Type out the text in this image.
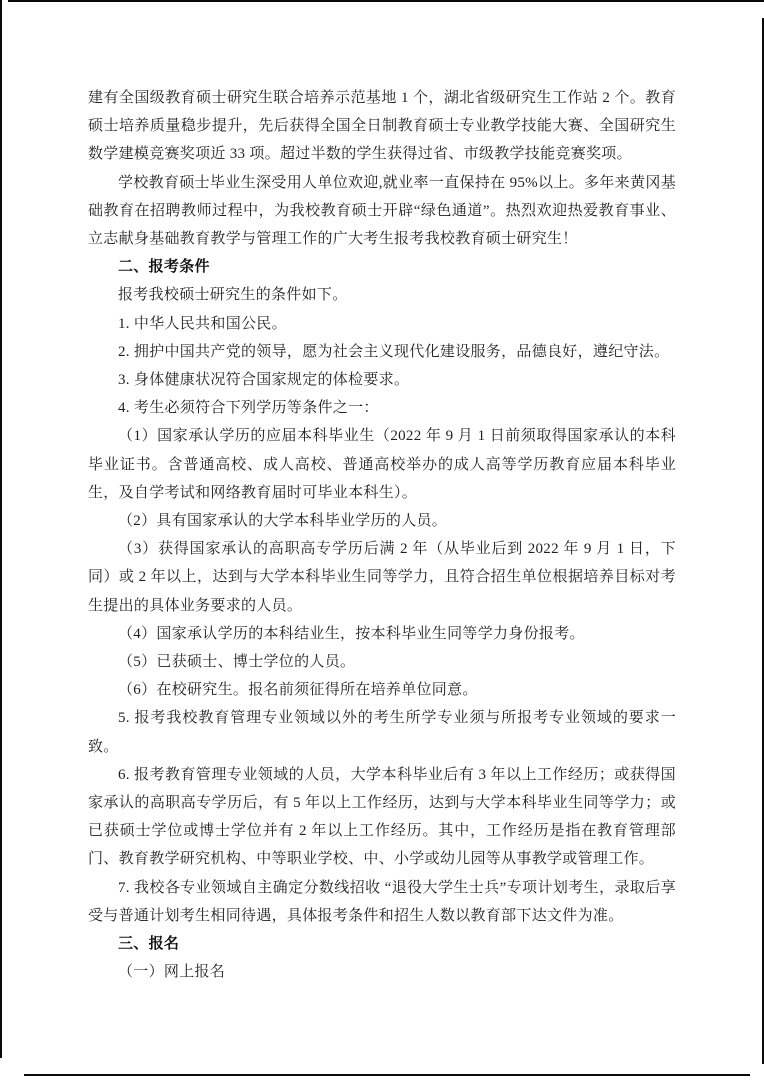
建有全国级教育硕士研究生联合培养示范基地 1 个，湖北省级研究生工作站 2 个。教育硕士培养质量稳步提升，先后获得全国全日制教育硕士专业教学技能大赛、全国研究生数学建模竞赛奖项近 33 项。超过半数的学生获得过省、市级教学技能竞赛奖项。

学校教育硕士毕业生深受用人单位欢迎,就业率一直保持在 95%以上。多年来黄冈基础教育在招聘教师过程中，为我校教育硕士开辟“绿色通道”。热烈欢迎热爱教育事业、立志献身基础教育教学与管理工作的广大考生报考我校教育硕士研究生！

二、报考条件

报考我校硕士研究生的条件如下。

1. 中华人民共和国公民。

2. 拥护中国共产党的领导，愿为社会主义现代化建设服务，品德良好，遵纪守法。

3. 身体健康状况符合国家规定的体检要求。

4. 考生必须符合下列学历等条件之一：

（1）国家承认学历的应届本科毕业生（2022 年 9 月 1 日前须取得国家承认的本科毕业证书。含普通高校、成人高校、普通高校举办的成人高等学历教育应届本科毕业生，及自学考试和网络教育届时可毕业本科生）。

（2）具有国家承认的大学本科毕业学历的人员。

（3）获得国家承认的高职高专学历后满 2 年（从毕业后到 2022 年 9 月 1 日，下同）或 2 年以上，达到与大学本科毕业生同等学力，且符合招生单位根据培养目标对考生提出的具体业务要求的人员。

（4）国家承认学历的本科结业生，按本科毕业生同等学力身份报考。

（5）已获硕士、博士学位的人员。

（6）在校研究生。报名前须征得所在培养单位同意。

5. 报考我校教育管理专业领域以外的考生所学专业须与所报考专业领域的要求一致。

6. 报考教育管理专业领域的人员，大学本科毕业后有 3 年以上工作经历；或获得国家承认的高职高专学历后，有 5 年以上工作经历，达到与大学本科毕业生同等学力；或已获硕士学位或博士学位并有 2 年以上工作经历。其中，工作经历是指在教育管理部门、教育教学研究机构、中等职业学校、中、小学或幼儿园等从事教学或管理工作。

7. 我校各专业领域自主确定分数线招收 “退役大学生士兵”专项计划考生，录取后享受与普通计划考生相同待遇，具体报考条件和招生人数以教育部下达文件为准。

三、报名

（一）网上报名
